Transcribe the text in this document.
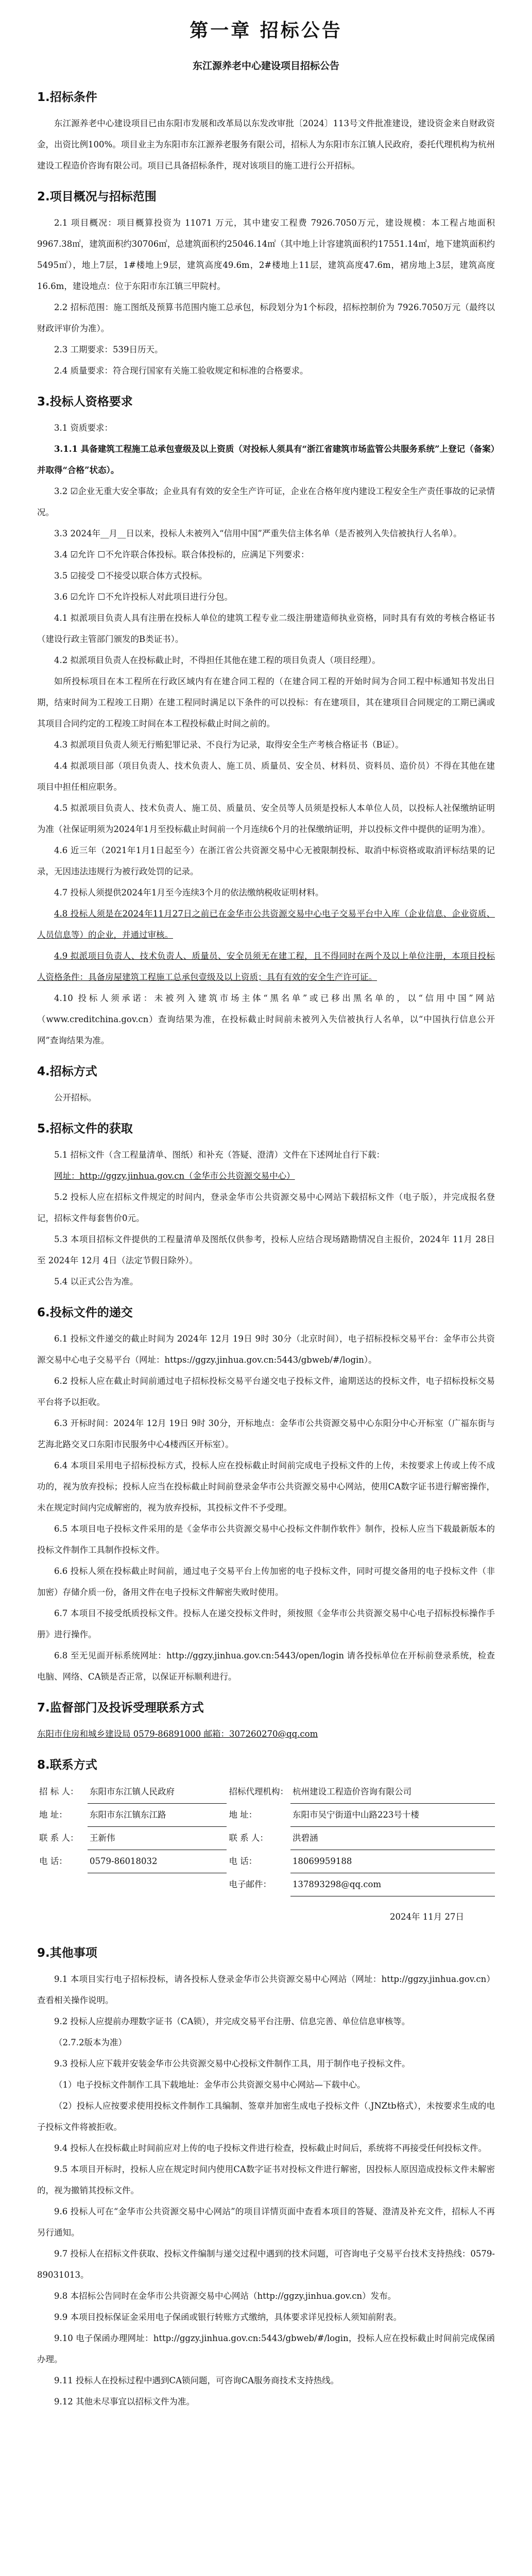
第一章 招标公告
东江源养老中心建设项目招标公告
1.招标条件

东江源养老中心建设项目已由东阳市发展和改革局以东发改审批〔2024〕113号文件批准建设，建设资金来自财政资金，出资比例100%。项目业主为东阳市东江源养老服务有限公司，招标人为东阳市东江镇人民政府，委托代理机构为杭州建设工程造价咨询有限公司。项目已具备招标条件，现对该项目的施工进行公开招标。

2.项目概况与招标范围

2.1 项目概况：项目概算投资为 11071 万元，其中建安工程费 7926.7050万元，建设规模：本工程占地面积9967.38㎡，建筑面积约30706㎡，总建筑面积约25046.14㎡（其中地上计容建筑面积约17551.14㎡，地下建筑面积约5495㎡），地上7层，1#楼地上9层，建筑高度49.6m，2#楼地上11层，建筑高度47.6m，裙房地上3层，建筑高度16.6m，建设地点：位于东阳市东江镇三甲院村。

2.2 招标范围：施工图纸及预算书范围内施工总承包，标段划分为1个标段，招标控制价为 7926.7050万元（最终以财政评审价为准）。

2.3 工期要求：539日历天。

2.4 质量要求：符合现行国家有关施工验收规定和标准的合格要求。

3.投标人资格要求

3.1 资质要求：

3.1.1 具备建筑工程施工总承包壹级及以上资质（对投标人须具有“浙江省建筑市场监管公共服务系统”上登记（备案）并取得“合格”状态）。

3.2 ☑企业无重大安全事故；企业具有有效的安全生产许可证，企业在合格年度内建设工程安全生产责任事故的记录情况。

3.3 2024年__月__日以来，投标人未被列入“信用中国”严重失信主体名单（是否被列入失信被执行人名单）。

3.4 ☑允许 ☐不允许联合体投标。联合体投标的，应满足下列要求：

3.5 ☑接受 ☐不接受以联合体方式投标。

3.6 ☑允许 ☐不允许投标人对此项目进行分包。

4.1 拟派项目负责人具有注册在投标人单位的建筑工程专业二级注册建造师执业资格，同时具有有效的考核合格证书（建设行政主管部门颁发的B类证书）。

4.2 拟派项目负责人在投标截止时，不得担任其他在建工程的项目负责人（项目经理）。

如所投标项目在本工程所在行政区域内有在建合同工程的（在建合同工程的开始时间为合同工程中标通知书发出日期，结束时间为工程竣工日期）在建工程同时满足以下条件的可以投标：有在建项目，其在建项目合同规定的工期已满或其项目合同约定的工程竣工时间在本工程投标截止时间之前的。

4.3 拟派项目负责人须无行贿犯罪记录、不良行为记录，取得安全生产考核合格证书（B证）。

4.4 拟派项目部（项目负责人、技术负责人、施工员、质量员、安全员、材料员、资料员、造价员）不得在其他在建项目中担任相应职务。

4.5 拟派项目负责人、技术负责人、施工员、质量员、安全员等人员须是投标人本单位人员，以投标人社保缴纳证明为准（社保证明须为2024年1月至投标截止时间前一个月连续6个月的社保缴纳证明，并以投标文件中提供的证明为准）。

4.6 近三年（2021年1月1日起至今）在浙江省公共资源交易中心无被限制投标、取消中标资格或取消评标结果的记录，无因违法违规行为被行政处罚的记录。

4.7 投标人须提供2024年1月至今连续3个月的依法缴纳税收证明材料。

4.8 投标人须是在2024年11月27日之前已在金华市公共资源交易中心电子交易平台中入库（企业信息、企业资质、人员信息等）的企业，并通过审核。

4.9 拟派项目负责人、技术负责人、质量员、安全员须无在建工程，且不得同时在两个及以上单位注册，本项目投标人资格条件：具备房屋建筑工程施工总承包壹级及以上资质；具有有效的安全生产许可证。

4.10 投标人须承诺：未被列入建筑市场主体“黑名单”或已移出黑名单的，以“信用中国”网站（www.creditchina.gov.cn）查询结果为准，在投标截止时间前未被列入失信被执行人名单，以“中国执行信息公开网”查询结果为准。

4.招标方式

公开招标。

5.招标文件的获取

5.1 招标文件（含工程量清单、图纸）和补充（答疑、澄清）文件在下述网址自行下载：

网址：http://ggzy.jinhua.gov.cn（金华市公共资源交易中心）

5.2 投标人应在招标文件规定的时间内，登录金华市公共资源交易中心网站下载招标文件（电子版），并完成报名登记，招标文件每套售价0元。

5.3 本项目招标文件提供的工程量清单及图纸仅供参考，投标人应结合现场踏勘情况自主报价，2024年 11月 28日 至 2024年 12月 4日（法定节假日除外）。

5.4 以正式公告为准。

6.投标文件的递交

6.1 投标文件递交的截止时间为 2024年 12月 19日 9时 30分（北京时间），电子招标投标交易平台：金华市公共资源交易中心电子交易平台（网址：https://ggzy.jinhua.gov.cn:5443/gbweb/#/login）。

6.2 投标人应在截止时间前通过电子招标投标交易平台递交电子投标文件，逾期送达的投标文件，电子招标投标交易平台将予以拒收。

6.3 开标时间：2024年 12月 19日 9时 30分，开标地点：金华市公共资源交易中心东阳分中心开标室（广福东街与艺海北路交叉口东阳市民服务中心4楼西区开标室）。

6.4 本项目采用电子招标投标方式，投标人应在投标截止时间前完成电子投标文件的上传，未按要求上传或上传不成功的，视为放弃投标；投标人应当在投标截止时间前登录金华市公共资源交易中心网站，使用CA数字证书进行解密操作，未在规定时间内完成解密的，视为放弃投标，其投标文件不予受理。

6.5 本项目电子投标文件采用的是《金华市公共资源交易中心投标文件制作软件》制作，投标人应当下载最新版本的投标文件制作工具制作投标文件。

6.6 投标人须在投标截止时间前，通过电子交易平台上传加密的电子投标文件，同时可提交备用的电子投标文件（非加密）存储介质一份，备用文件在电子投标文件解密失败时使用。

6.7 本项目不接受纸质投标文件。投标人在递交投标文件时，须按照《金华市公共资源交易中心电子招标投标操作手册》进行操作。

6.8 至无见面开标系统网址：http://ggzy.jinhua.gov.cn:5443/open/login 请各投标单位在开标前登录系统，检查电脑、网络、CA锁是否正常，以保证开标顺利进行。

7.监督部门及投诉受理联系方式

东阳市住房和城乡建设局 0579-86891000 邮箱：307260270@qq.com

8.联系方式
招 标 人：	东阳市东江镇人民政府	招标代理机构：	杭州建设工程造价咨询有限公司
地 址：	东阳市东江镇东江路	地 址：	东阳市吴宁街道中山路223号十楼
联 系 人：	王新伟	联 系 人：	洪碧涵
电 话：	0579-86018032	电 话：	18069959188
		电子邮件：	137893298@qq.com
2024年 11月 27日
9.其他事项

9.1 本项目实行电子招标投标，请各投标人登录金华市公共资源交易中心网站（网址：http://ggzy.jinhua.gov.cn）查看相关操作说明。

9.2 投标人应提前办理数字证书（CA锁），并完成交易平台注册、信息完善、单位信息审核等。

（2.7.2版本为准）

9.3 投标人应下载并安装金华市公共资源交易中心投标文件制作工具，用于制作电子投标文件。

（1）电子投标文件制作工具下载地址：金华市公共资源交易中心网站—下载中心。

（2）投标人应按要求使用投标文件制作工具编制、签章并加密生成电子投标文件（.JNZtb格式），未按要求生成的电子投标文件将被拒收。

9.4 投标人在投标截止时间前应对上传的电子投标文件进行检查，投标截止时间后，系统将不再接受任何投标文件。

9.5 本项目开标时，投标人应在规定时间内使用CA数字证书对投标文件进行解密，因投标人原因造成投标文件未解密的，视为撤销其投标文件。

9.6 投标人可在“金华市公共资源交易中心网站”的项目详情页面中查看本项目的答疑、澄清及补充文件，招标人不再另行通知。

9.7 投标人在招标文件获取、投标文件编制与递交过程中遇到的技术问题，可咨询电子交易平台技术支持热线：0579-89031013。

9.8 本招标公告同时在金华市公共资源交易中心网站（http://ggzy.jinhua.gov.cn）发布。

9.9 本项目投标保证金采用电子保函或银行转账方式缴纳，具体要求详见投标人须知前附表。

9.10 电子保函办理网址：http://ggzy.jinhua.gov.cn:5443/gbweb/#/login，投标人应在投标截止时间前完成保函办理。

9.11 投标人在投标过程中遇到CA锁问题，可咨询CA服务商技术支持热线。

9.12 其他未尽事宜以招标文件为准。
